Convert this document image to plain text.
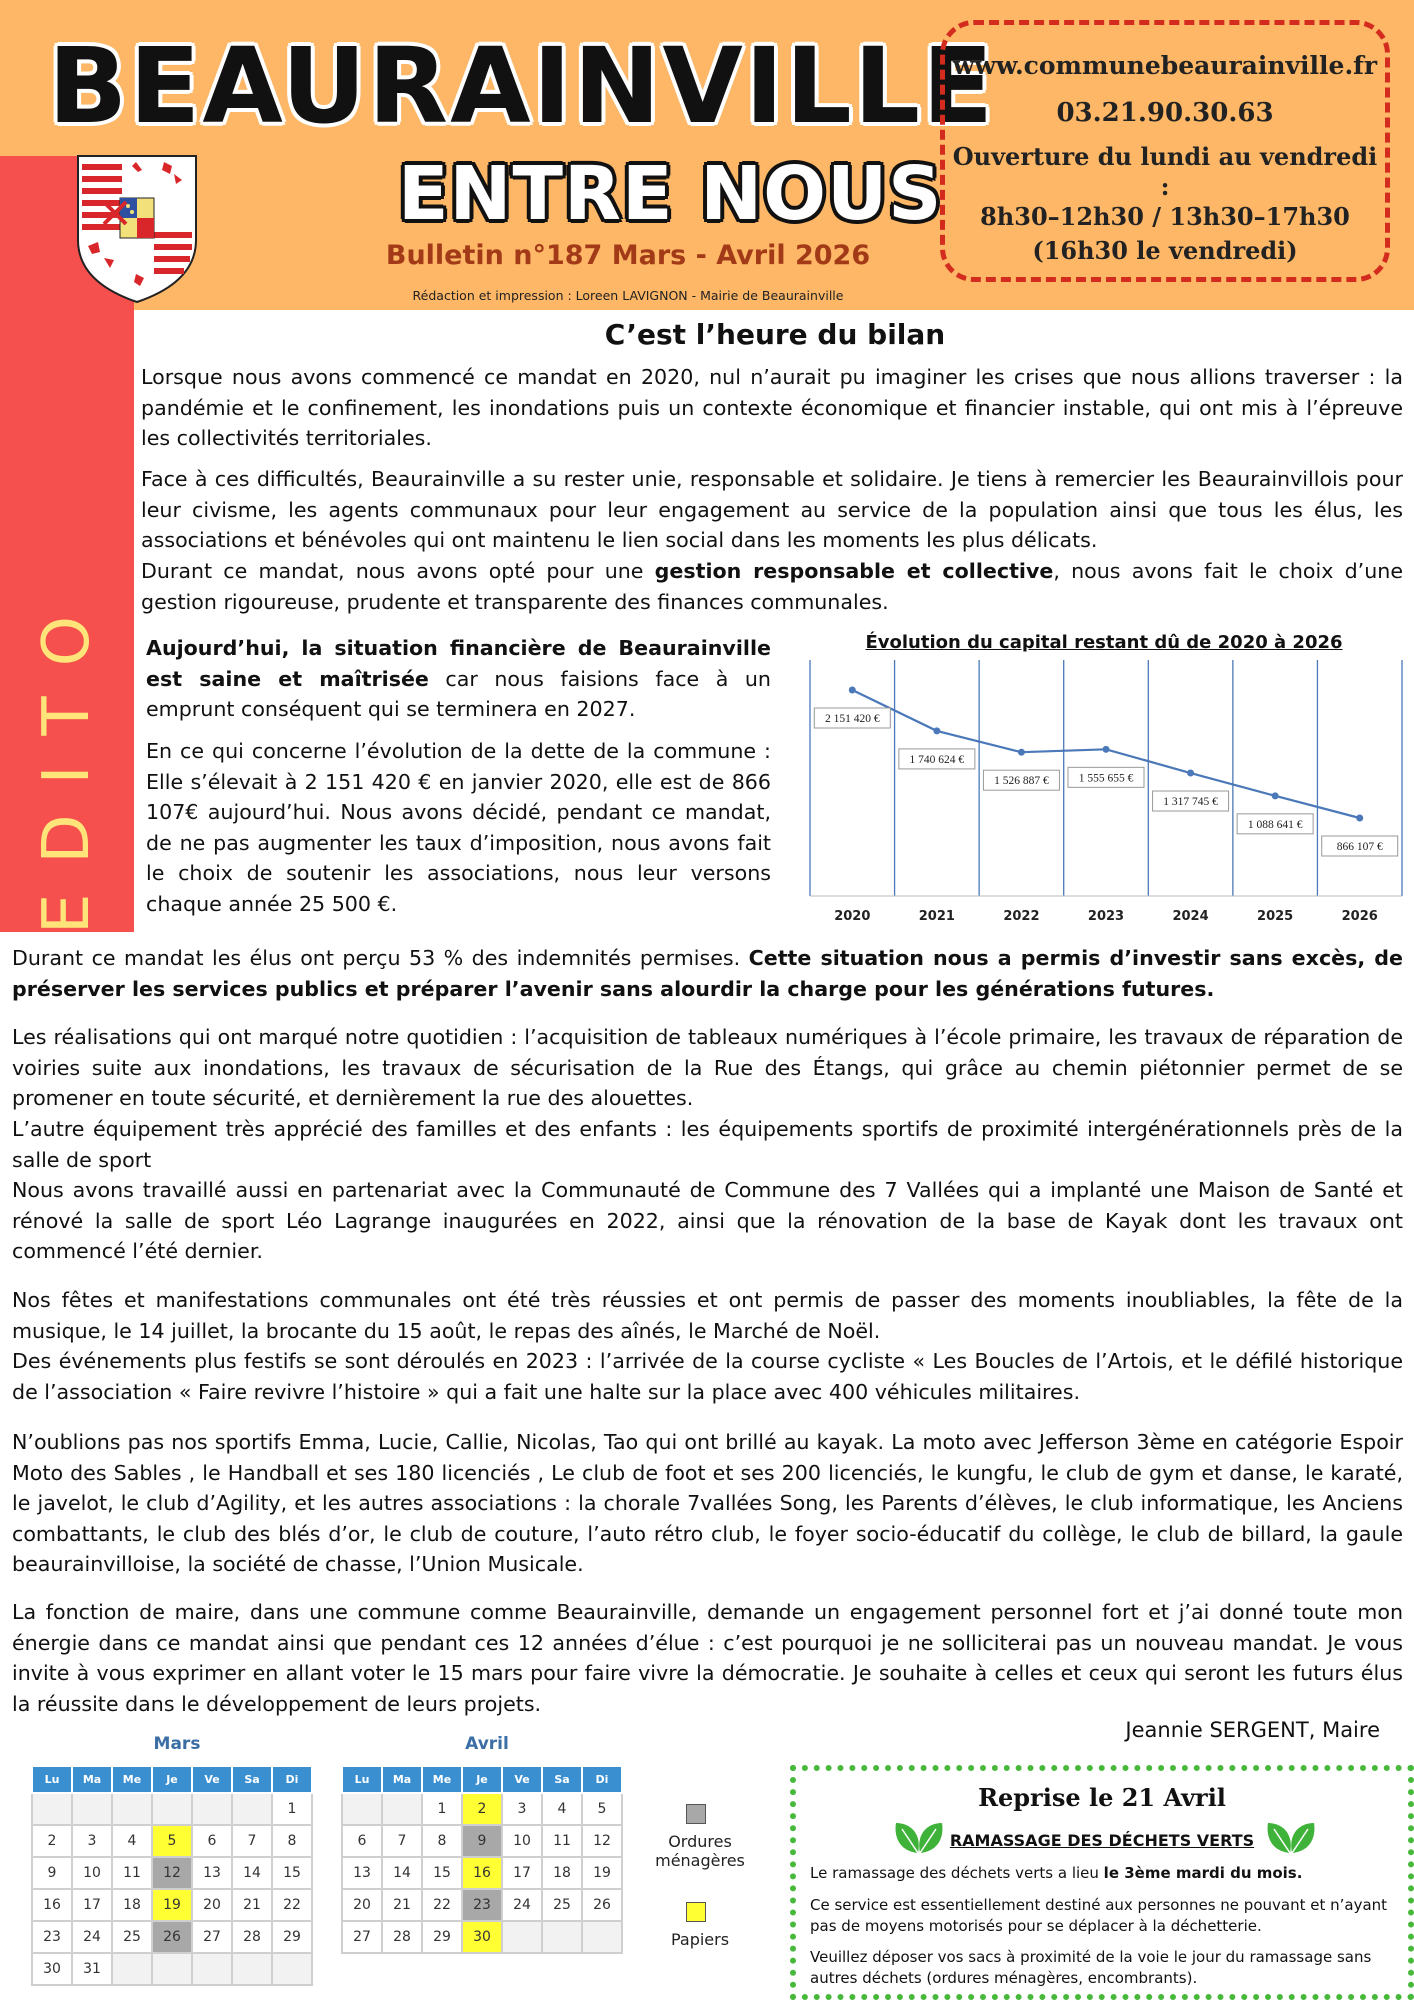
EDITO
BEAURAINVILLE
ENTRE NOUS
Bulletin n°187 Mars - Avril 2026
Rédaction et impression : Loreen LAVIGNON - Mairie de Beaurainville
www.communebeaurainville.fr
03.21.90.30.63
Ouverture du lundi au vendredi :
8h30–12h30 / 13h30–17h30
(16h30 le vendredi)
C’est l’heure du bilan
Lorsque nous avons commencé ce mandat en 2020, nul n’aurait pu imaginer les crises que nous allions traverser : la pandémie et le confinement, les inondations puis un contexte économique et financier instable, qui ont mis à l’épreuve les collectivités territoriales.
Face à ces difficultés, Beaurainville a su rester unie, responsable et solidaire. Je tiens à remercier les Beaurainvillois pour leur civisme, les agents communaux pour leur engagement au service de la population ainsi que tous les élus, les associations et bénévoles qui ont maintenu le lien social dans les moments les plus délicats.
Durant ce mandat, nous avons opté pour une gestion responsable et collective, nous avons fait le choix d’une gestion rigoureuse, prudente et transparente des finances communales.
Aujourd’hui, la situation financière de Beaurainville est saine et maîtrisée car nous faisions face à un emprunt conséquent qui se terminera en 2027.
En ce qui concerne l’évolution de la dette de la commune : Elle s’élevait à 2 151 420 € en janvier 2020, elle est de 866 107€ aujourd’hui. Nous avons décidé, pendant ce mandat, de ne pas augmenter les taux d’imposition, nous avons fait le choix de soutenir les associations, nous leur versons chaque année 25 500 €.
Évolution du capital restant dû de 2020 à 2026
2 151 420 €
2020
1 740 624 €
2021
1 526 887 €
2022
1 555 655 €
2023
1 317 745 €
2024
1 088 641 €
2025
866 107 €
2026
Durant ce mandat les élus ont perçu 53 % des indemnités permises. Cette situation nous a permis d’investir sans excès, de préserver les services publics et préparer l’avenir sans alourdir la charge pour les générations futures.
Les réalisations qui ont marqué notre quotidien : l’acquisition de tableaux numériques à l’école primaire, les travaux de réparation de voiries suite aux inondations, les travaux de sécurisation de la Rue des Étangs, qui grâce au chemin piétonnier permet de se promener en toute sécurité, et dernièrement la rue des alouettes.
L’autre équipement très apprécié des familles et des enfants : les équipements sportifs de proximité intergénérationnels près de la salle de sport
Nous avons travaillé aussi en partenariat avec la Communauté de Commune des 7 Vallées qui a implanté une Maison de Santé et rénové la salle de sport Léo Lagrange inaugurées en 2022, ainsi que la rénovation de la base de Kayak dont les travaux ont commencé l’été dernier.
Nos fêtes et manifestations communales ont été très réussies et ont permis de passer des moments inoubliables, la fête de la musique, le 14 juillet, la brocante du 15 août, le repas des aînés, le Marché de Noël.
Des événements plus festifs se sont déroulés en 2023 : l’arrivée de la course cycliste « Les Boucles de l’Artois, et le défilé historique de l’association « Faire revivre l’histoire » qui a fait une halte sur la place avec 400 véhicules militaires.
N’oublions pas nos sportifs Emma, Lucie, Callie, Nicolas, Tao qui ont brillé au kayak. La moto avec Jefferson 3ème en catégorie Espoir Moto des Sables , le Handball et ses 180 licenciés , Le club de foot et ses 200 licenciés, le kungfu, le club de gym et danse, le karaté, le javelot, le club d’Agility, et les autres associations : la chorale 7vallées Song, les Parents d’élèves, le club informatique, les Anciens combattants, le club des blés d’or, le club de couture, l’auto rétro club, le foyer socio-éducatif du collège, le club de billard, la gaule beaurainvilloise, la société de chasse, l’Union Musicale.
La fonction de maire, dans une commune comme Beaurainville, demande un engagement personnel fort et j’ai donné toute mon énergie dans ce mandat ainsi que pendant ces 12 années d’élue : c’est pourquoi je ne solliciterai pas un nouveau mandat. Je vous invite à vous exprimer en allant voter le 15 mars pour faire vivre la démocratie. Je souhaite à celles et ceux qui seront les futurs élus la réussite dans le développement de leurs projets.
Jeannie SERGENT, Maire
Mars
Lu	Ma	Me	Je	Ve	Sa	Di
						1
2	3	4	5	6	7	8
9	10	11	12	13	14	15
16	17	18	19	20	21	22
23	24	25	26	27	28	29
30	31					
Avril
Lu	Ma	Me	Je	Ve	Sa	Di
		1	2	3	4	5
6	7	8	9	10	11	12
13	14	15	16	17	18	19
20	21	22	23	24	25	26
27	28	29	30			
Ordures ménagères
Papiers
Reprise le 21 Avril
RAMASSAGE DES DÉCHETS VERTS
Le ramassage des déchets verts a lieu le 3ème mardi du mois.
Ce service est essentiellement destiné aux personnes ne pouvant et n’ayant pas de moyens motorisés pour se déplacer à la déchetterie.
Veuillez déposer vos sacs à proximité de la voie le jour du ramassage sans autres déchets (ordures ménagères, encombrants).
